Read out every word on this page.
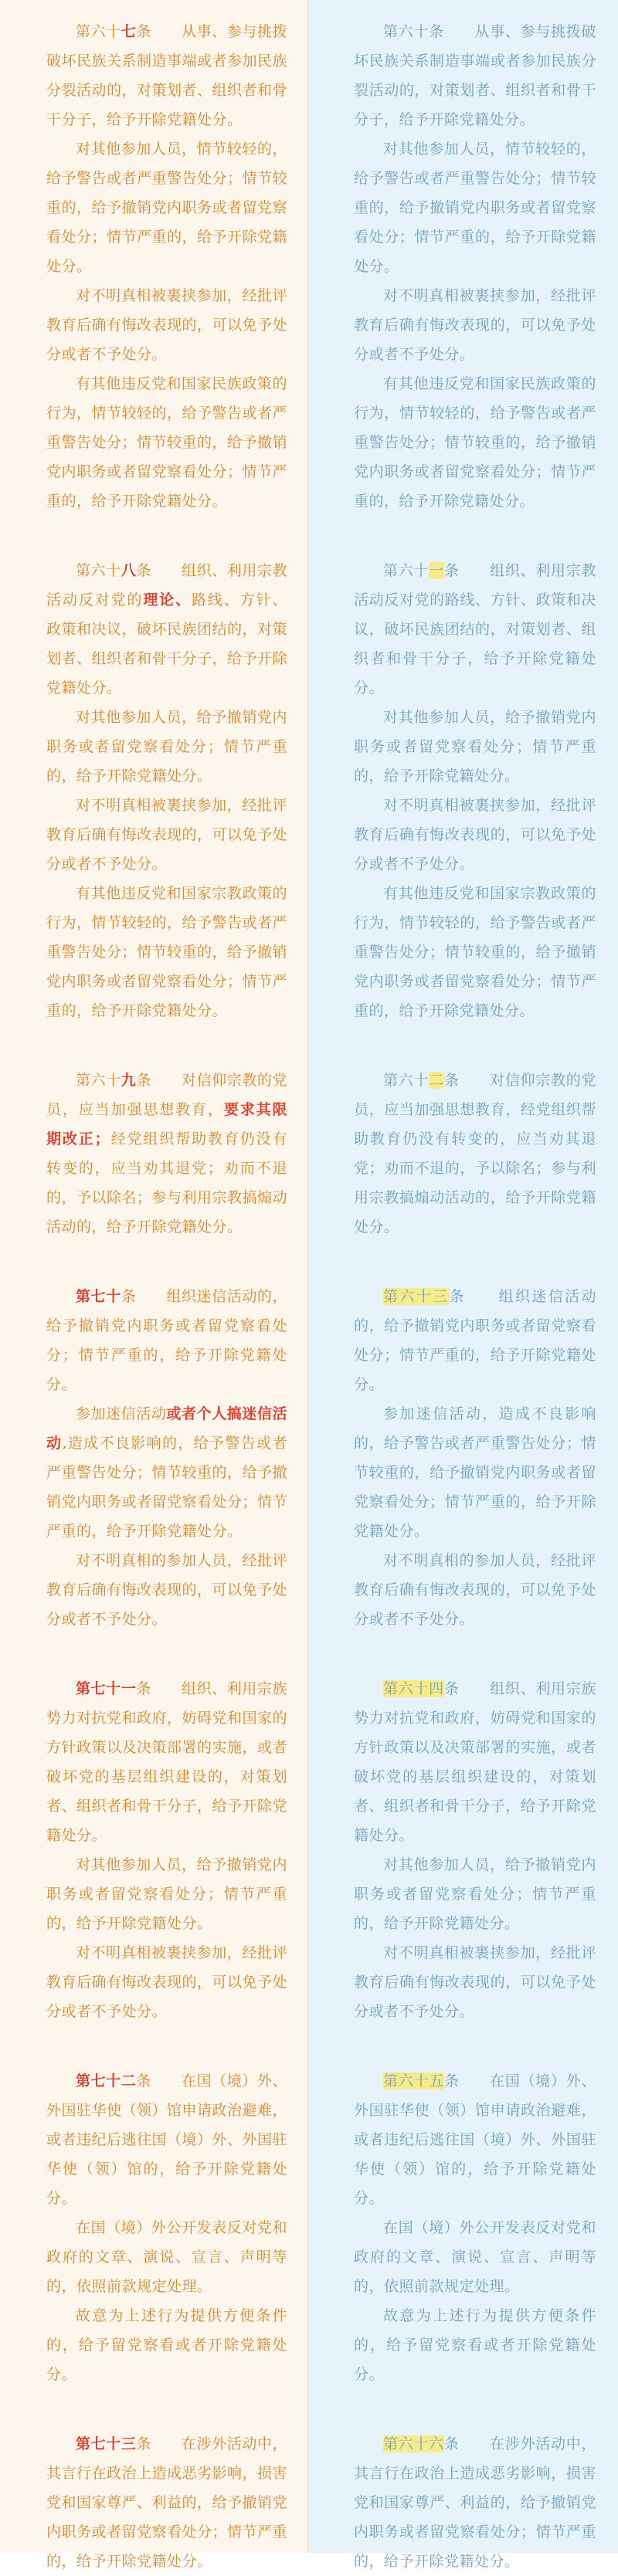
第六十七条　　从事、参与挑拨破坏民族关系制造事端或者参加民族分裂活动的，对策划者、组织者和骨干分子，给予开除党籍处分。

对其他参加人员，情节较轻的，给予警告或者严重警告处分；情节较重的，给予撤销党内职务或者留党察看处分；情节严重的，给予开除党籍处分。

对不明真相被裹挟参加，经批评教育后确有悔改表现的，可以免予处分或者不予处分。

有其他违反党和国家民族政策的行为，情节较轻的，给予警告或者严重警告处分；情节较重的，给予撤销党内职务或者留党察看处分；情节严重的，给予开除党籍处分。

第六十八条　　组织、利用宗教活动反对党的理论、路线、方针、政策和决议，破坏民族团结的，对策划者、组织者和骨干分子，给予开除党籍处分。

对其他参加人员，给予撤销党内职务或者留党察看处分；情节严重的，给予开除党籍处分。

对不明真相被裹挟参加，经批评教育后确有悔改表现的，可以免予处分或者不予处分。

有其他违反党和国家宗教政策的行为，情节较轻的，给予警告或者严重警告处分；情节较重的，给予撤销党内职务或者留党察看处分；情节严重的，给予开除党籍处分。

第六十九条　　对信仰宗教的党员，应当加强思想教育，要求其限期改正；经党组织帮助教育仍没有转变的，应当劝其退党；劝而不退的，予以除名；参与利用宗教搞煽动活动的，给予开除党籍处分。

第七十条　　组织迷信活动的，给予撤销党内职务或者留党察看处分；情节严重的，给予开除党籍处分。

参加迷信活动或者个人搞迷信活动,造成不良影响的，给予警告或者严重警告处分；情节较重的，给予撤销党内职务或者留党察看处分；情节严重的，给予开除党籍处分。

对不明真相的参加人员，经批评教育后确有悔改表现的，可以免予处分或者不予处分。

第七十一条　　组织、利用宗族势力对抗党和政府，妨碍党和国家的方针政策以及决策部署的实施，或者破坏党的基层组织建设的，对策划者、组织者和骨干分子，给予开除党籍处分。

对其他参加人员，给予撤销党内职务或者留党察看处分；情节严重的，给予开除党籍处分。

对不明真相被裹挟参加，经批评教育后确有悔改表现的，可以免予处分或者不予处分。

第七十二条　　在国（境）外、外国驻华使（领）馆申请政治避难，或者违纪后逃往国（境）外、外国驻华使（领）馆的，给予开除党籍处分。

在国（境）外公开发表反对党和政府的文章、演说、宣言、声明等的，依照前款规定处理。

故意为上述行为提供方便条件的，给予留党察看或者开除党籍处分。

第七十三条　　在涉外活动中，其言行在政治上造成恶劣影响，损害党和国家尊严、利益的，给予撤销党内职务或者留党察看处分；情节严重的，给予开除党籍处分。

第六十条　　从事、参与挑拨破坏民族关系制造事端或者参加民族分裂活动的，对策划者、组织者和骨干分子，给予开除党籍处分。

对其他参加人员，情节较轻的，给予警告或者严重警告处分；情节较重的，给予撤销党内职务或者留党察看处分；情节严重的，给予开除党籍处分。

对不明真相被裹挟参加，经批评教育后确有悔改表现的，可以免予处分或者不予处分。

有其他违反党和国家民族政策的行为，情节较轻的，给予警告或者严重警告处分；情节较重的，给予撤销党内职务或者留党察看处分；情节严重的，给予开除党籍处分。

第六十一条　　组织、利用宗教活动反对党的路线、方针、政策和决议，破坏民族团结的，对策划者、组织者和骨干分子，给予开除党籍处分。

对其他参加人员，给予撤销党内职务或者留党察看处分；情节严重的，给予开除党籍处分。

对不明真相被裹挟参加，经批评教育后确有悔改表现的，可以免予处分或者不予处分。

有其他违反党和国家宗教政策的行为，情节较轻的，给予警告或者严重警告处分；情节较重的，给予撤销党内职务或者留党察看处分；情节严重的，给予开除党籍处分。

第六十二条　　对信仰宗教的党员，应当加强思想教育，经党组织帮助教育仍没有转变的，应当劝其退党；劝而不退的，予以除名；参与利用宗教搞煽动活动的，给予开除党籍处分。

第六十三条　　组织迷信活动的，给予撤销党内职务或者留党察看处分；情节严重的，给予开除党籍处分。

参加迷信活动，造成不良影响的，给予警告或者严重警告处分；情节较重的，给予撤销党内职务或者留党察看处分；情节严重的，给予开除党籍处分。

对不明真相的参加人员，经批评教育后确有悔改表现的，可以免予处分或者不予处分。

第六十四条　　组织、利用宗族势力对抗党和政府，妨碍党和国家的方针政策以及决策部署的实施，或者破坏党的基层组织建设的，对策划者、组织者和骨干分子，给予开除党籍处分。

对其他参加人员，给予撤销党内职务或者留党察看处分；情节严重的，给予开除党籍处分。

对不明真相被裹挟参加，经批评教育后确有悔改表现的，可以免予处分或者不予处分。

第六十五条　　在国（境）外、外国驻华使（领）馆申请政治避难，或者违纪后逃往国（境）外、外国驻华使（领）馆的，给予开除党籍处分。

在国（境）外公开发表反对党和政府的文章、演说、宣言、声明等的，依照前款规定处理。

故意为上述行为提供方便条件的，给予留党察看或者开除党籍处分。

第六十六条　　在涉外活动中，其言行在政治上造成恶劣影响，损害党和国家尊严、利益的，给予撤销党内职务或者留党察看处分；情节严重的，给予开除党籍处分。
